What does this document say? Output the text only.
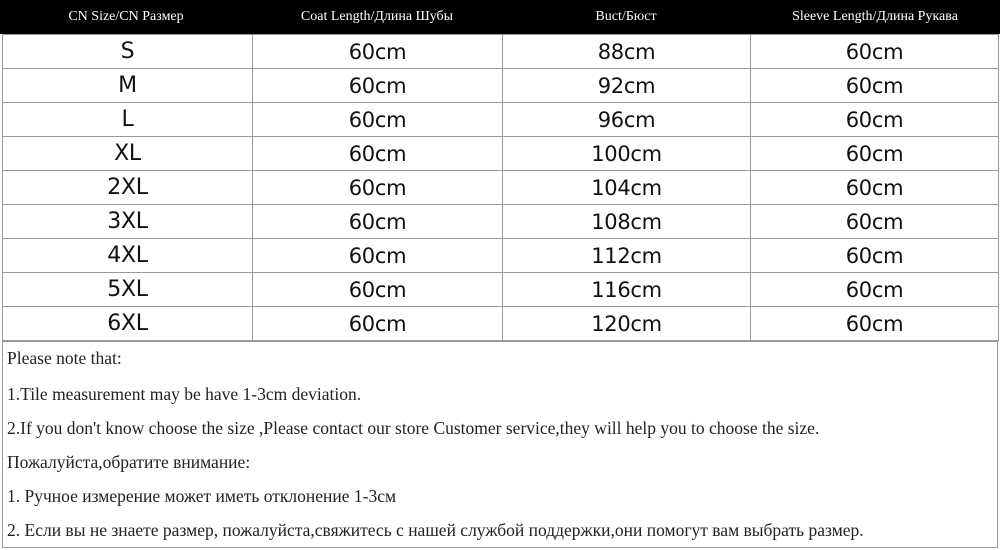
CN Size/CN Размер	Coat Length/Длина Шубы	Buct/Бюст	Sleeve Length/Длина Рукава
S	60cm	88cm	60cm
M	60cm	92cm	60cm
L	60cm	96cm	60cm
XL	60cm	100cm	60cm
2XL	60cm	104cm	60cm
3XL	60cm	108cm	60cm
4XL	60cm	112cm	60cm
5XL	60cm	116cm	60cm
6XL	60cm	120cm	60cm
Please note that:
1.Tile measurement may be have 1-3cm deviation.
2.If you don't know choose the size ,Please contact our store Customer service,they will help you to choose the size.
Пожалуйста,обратите внимание:
1. Ручное измерение может иметь отклонение 1-3см
2. Если вы не знаете размер, пожалуйста,свяжитесь с нашей службой поддержки,они помогут вам выбрать размер.
